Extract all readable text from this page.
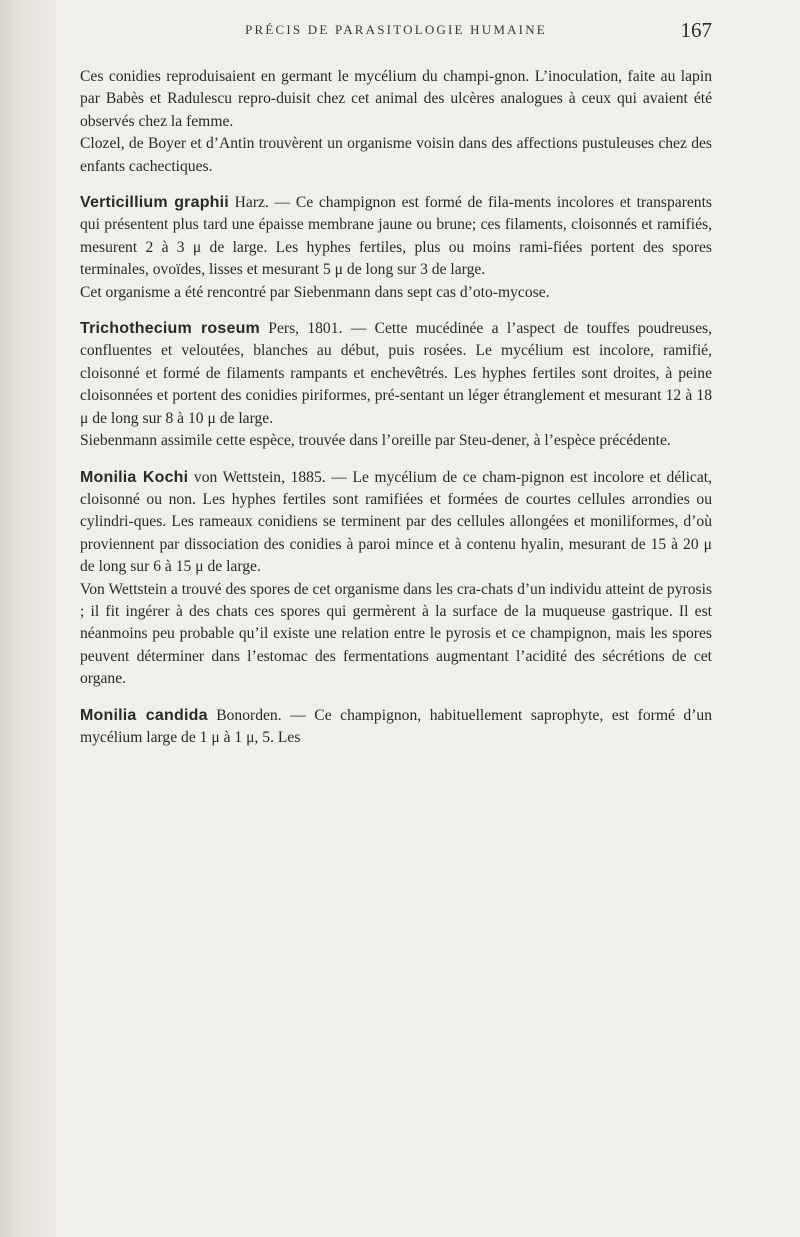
PRÉCIS DE PARASITOLOGIE HUMAINE	167

Ces conidies reproduisaient en germant le mycélium du champi-gnon. L’inoculation, faite au lapin par Babès et Radulescu repro-duisit chez cet animal des ulcères analogues à ceux qui avaient été observés chez la femme.

Clozel, de Boyer et d’Antin trouvèrent un organisme voisin dans des affections pustuleuses chez des enfants cachectiques.

Verticillium graphii Harz. — Ce champignon est formé de fila-ments incolores et transparents qui présentent plus tard une épaisse membrane jaune ou brune; ces filaments, cloisonnés et ramifiés, mesurent 2 à 3 μ de large. Les hyphes fertiles, plus ou moins rami-fiées portent des spores terminales, ovoïdes, lisses et mesurant 5 μ de long sur 3 de large.

Cet organisme a été rencontré par Siebenmann dans sept cas d’oto-mycose.

Trichothecium roseum Pers, 1801. — Cette mucédinée a l’aspect de touffes poudreuses, confluentes et veloutées, blanches au début, puis rosées. Le mycélium est incolore, ramifié, cloisonné et formé de filaments rampants et enchevêtrés. Les hyphes fertiles sont droites, à peine cloisonnées et portent des conidies piriformes, pré-sentant un léger étranglement et mesurant 12 à 18 μ de long sur 8 à 10 μ de large.

Siebenmann assimile cette espèce, trouvée dans l’oreille par Steu-dener, à l’espèce précédente.

Monilia Kochi von Wettstein, 1885. — Le mycélium de ce cham-pignon est incolore et délicat, cloisonné ou non. Les hyphes fertiles sont ramifiées et formées de courtes cellules arrondies ou cylindri-ques. Les rameaux conidiens se terminent par des cellules allongées et moniliformes, d’où proviennent par dissociation des conidies à paroi mince et à contenu hyalin, mesurant de 15 à 20 μ de long sur 6 à 15 μ de large.

Von Wettstein a trouvé des spores de cet organisme dans les cra-chats d’un individu atteint de pyrosis ; il fit ingérer à des chats ces spores qui germèrent à la surface de la muqueuse gastrique. Il est néanmoins peu probable qu’il existe une relation entre le pyrosis et ce champignon, mais les spores peuvent déterminer dans l’estomac des fermentations augmentant l’acidité des sécrétions de cet organe.

Monilia candida Bonorden. — Ce champignon, habituellement saprophyte, est formé d’un mycélium large de 1 μ à 1 μ, 5. Les
